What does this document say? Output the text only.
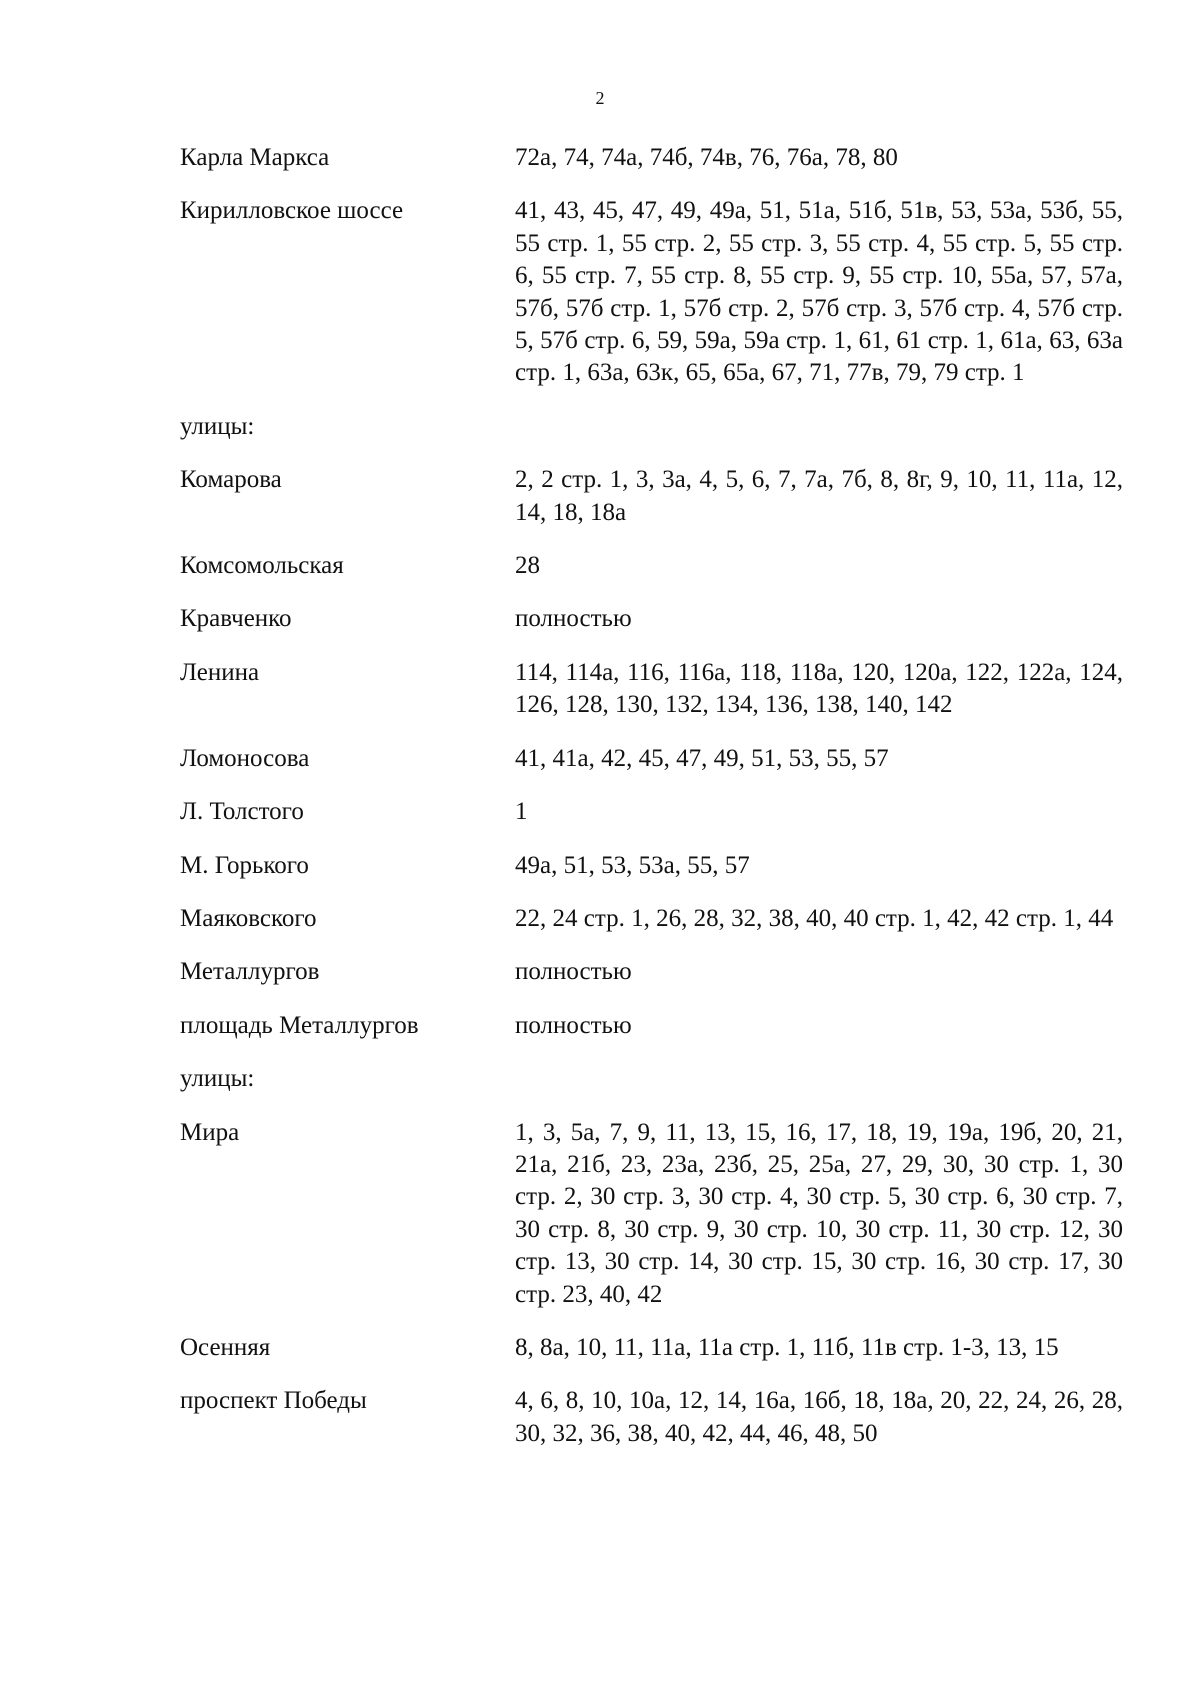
2
Карла Маркса	72а, 74, 74а, 74б, 74в, 76, 76а, 78, 80
Кирилловское шоссе	41, 43, 45, 47, 49, 49а, 51, 51а, 51б, 51в, 53, 53а, 53б, 55, 55 стр. 1, 55 стр. 2, 55 стр. 3, 55 стр. 4, 55 стр. 5, 55 стр. 6, 55 стр. 7, 55 стр. 8, 55 стр. 9, 55 стр. 10, 55а, 57, 57а, 57б, 57б стр. 1, 57б стр. 2, 57б стр. 3, 57б стр. 4, 57б стр. 5, 57б стр. 6, 59, 59а, 59а стр. 1, 61, 61 стр. 1, 61а, 63, 63а стр. 1, 63а, 63к, 65, 65а, 67, 71, 77в, 79, 79 стр. 1
улицы:
Комарова	2, 2 стр. 1, 3, 3а, 4, 5, 6, 7, 7а, 7б, 8, 8г, 9, 10, 11, 11а, 12, 14, 18, 18а
Комсомольская	28
Кравченко	полностью
Ленина	114, 114а, 116, 116а, 118, 118а, 120, 120а, 122, 122а, 124, 126, 128, 130, 132, 134, 136, 138, 140, 142
Ломоносова	41, 41а, 42, 45, 47, 49, 51, 53, 55, 57
Л. Толстого	1
М. Горького	49а, 51, 53, 53а, 55, 57
Маяковского	22, 24 стр. 1, 26, 28, 32, 38, 40, 40 стр. 1, 42, 42 стр. 1, 44
Металлургов	полностью
площадь Металлургов	полностью
улицы:
Мира	1, 3, 5а, 7, 9, 11, 13, 15, 16, 17, 18, 19, 19а, 19б, 20, 21, 21а, 21б, 23, 23а, 23б, 25, 25а, 27, 29, 30, 30 стр. 1, 30 стр. 2, 30 стр. 3, 30 стр. 4, 30 стр. 5, 30 стр. 6, 30 стр. 7, 30 стр. 8, 30 стр. 9, 30 стр. 10, 30 стр. 11, 30 стр. 12, 30 стр. 13, 30 стр. 14, 30 стр. 15, 30 стр. 16, 30 стр. 17, 30 стр. 23, 40, 42
Осенняя	8, 8а, 10, 11, 11а, 11а стр. 1, 11б, 11в стр. 1-3, 13, 15
проспект Победы	4, 6, 8, 10, 10а, 12, 14, 16а, 16б, 18, 18а, 20, 22, 24, 26, 28, 30, 32, 36, 38, 40, 42, 44, 46, 48, 50
